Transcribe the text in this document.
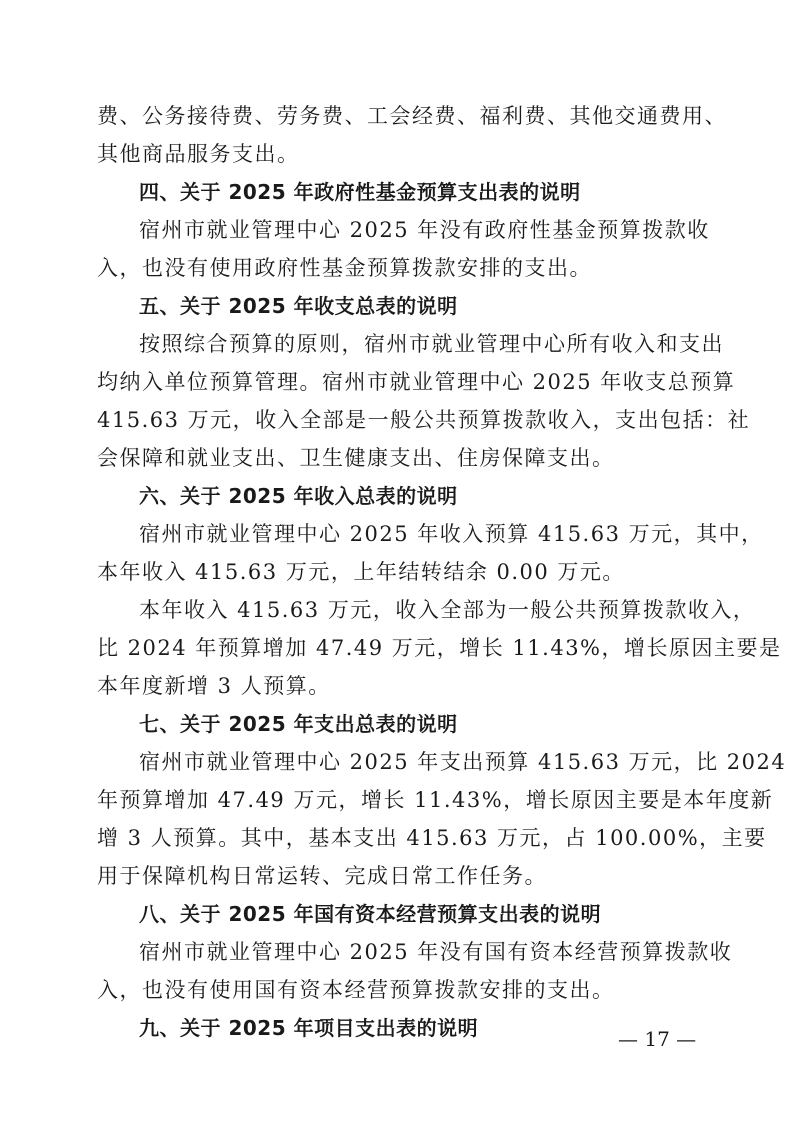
费、公务接待费、劳务费、工会经费、福利费、其他交通费用、
其他商品服务支出。
四、关于 2025 年政府性基金预算支出表的说明
宿州市就业管理中心 2025 年没有政府性基金预算拨款收
入，也没有使用政府性基金预算拨款安排的支出。
五、关于 2025 年收支总表的说明
按照综合预算的原则，宿州市就业管理中心所有收入和支出
均纳入单位预算管理。宿州市就业管理中心 2025 年收支总预算
415.63 万元，收入全部是一般公共预算拨款收入，支出包括：社
会保障和就业支出、卫生健康支出、住房保障支出。
六、关于 2025 年收入总表的说明
宿州市就业管理中心 2025 年收入预算 415.63 万元，其中，
本年收入 415.63 万元，上年结转结余 0.00 万元。
本年收入 415.63 万元，收入全部为一般公共预算拨款收入，
比 2024 年预算增加 47.49 万元，增长 11.43%，增长原因主要是
本年度新增 3 人预算。
七、关于 2025 年支出总表的说明
宿州市就业管理中心 2025 年支出预算 415.63 万元，比 2024
年预算增加 47.49 万元，增长 11.43%，增长原因主要是本年度新
增 3 人预算。其中，基本支出 415.63 万元，占 100.00%，主要
用于保障机构日常运转、完成日常工作任务。
八、关于 2025 年国有资本经营预算支出表的说明
宿州市就业管理中心 2025 年没有国有资本经营预算拨款收
入，也没有使用国有资本经营预算拨款安排的支出。
九、关于 2025 年项目支出表的说明	— 17 —
